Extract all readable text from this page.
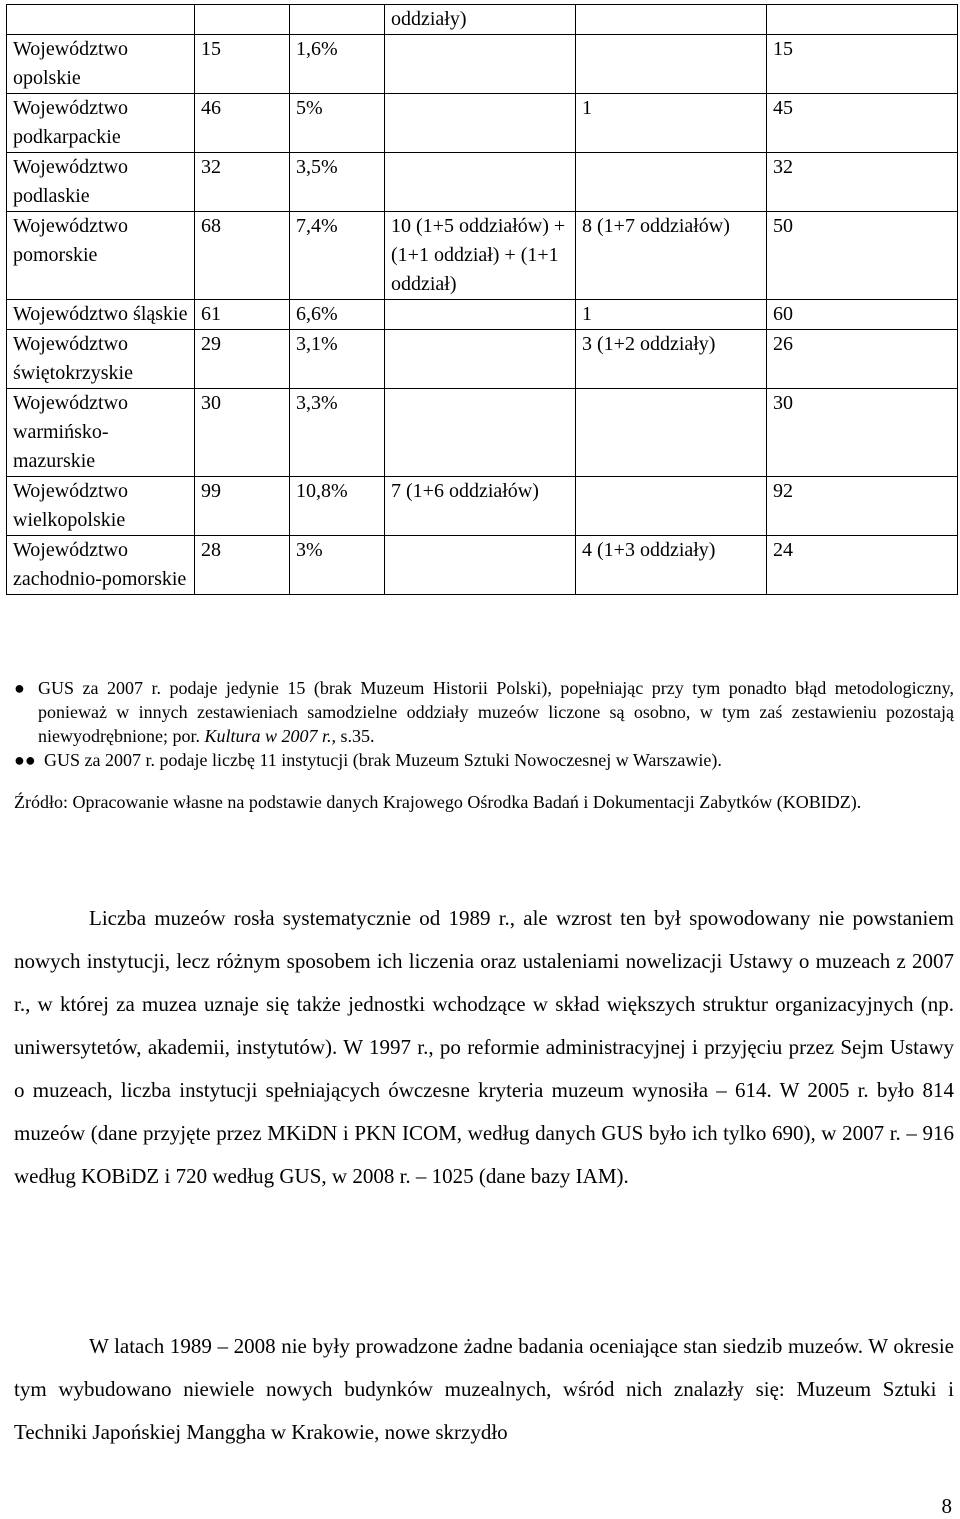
			oddziały)		
Województwo opolskie	15	1,6%			15
Województwo podkarpackie	46	5%		1	45
Województwo podlaskie	32	3,5%			32
Województwo pomorskie	68	7,4%	10 (1+5 oddziałów) + (1+1 oddział) + (1+1 oddział)	8 (1+7 oddziałów)	50
Województwo śląskie	61	6,6%		1	60
Województwo świętokrzyskie	29	3,1%		3 (1+2 oddziały)	26
Województwo warmińsko-mazurskie	30	3,3%			30
Województwo wielkopolskie	99	10,8%	7 (1+6 oddziałów)		92
Województwo zachodnio-pomorskie	28	3%		4 (1+3 oddziały)	24
● GUS za 2007 r. podaje jedynie 15 (brak Muzeum Historii Polski), popełniając przy tym ponadto błąd metodologiczny, ponieważ w innych zestawieniach samodzielne oddziały muzeów liczone są osobno, w tym zaś zestawieniu pozostają niewyodrębnione; por. Kultura w 2007 r., s.35.
●● GUS za 2007 r. podaje liczbę 11 instytucji (brak Muzeum Sztuki Nowoczesnej w Warszawie).
Źródło: Opracowanie własne na podstawie danych Krajowego Ośrodka Badań i Dokumentacji Zabytków (KOBIDZ).
Liczba muzeów rosła systematycznie od 1989 r., ale wzrost ten był spowodowany nie powstaniem nowych instytucji, lecz różnym sposobem ich liczenia oraz ustaleniami nowelizacji Ustawy o muzeach z 2007 r., w której za muzea uznaje się także jednostki wchodzące w skład większych struktur organizacyjnych (np. uniwersytetów, akademii, instytutów). W 1997 r., po reformie administracyjnej i przyjęciu przez Sejm Ustawy o muzeach, liczba instytucji spełniających ówczesne kryteria muzeum wynosiła – 614. W 2005 r. było 814 muzeów (dane przyjęte przez MKiDN i PKN ICOM, według danych GUS było ich tylko 690), w 2007 r. – 916 według KOBiDZ i 720 według GUS, w 2008 r. – 1025 (dane bazy IAM).
W latach 1989 – 2008 nie były prowadzone żadne badania oceniające stan siedzib muzeów. W okresie tym wybudowano niewiele nowych budynków muzealnych, wśród nich znalazły się: Muzeum Sztuki i Techniki Japońskiej Manggha w Krakowie, nowe skrzydło
8
